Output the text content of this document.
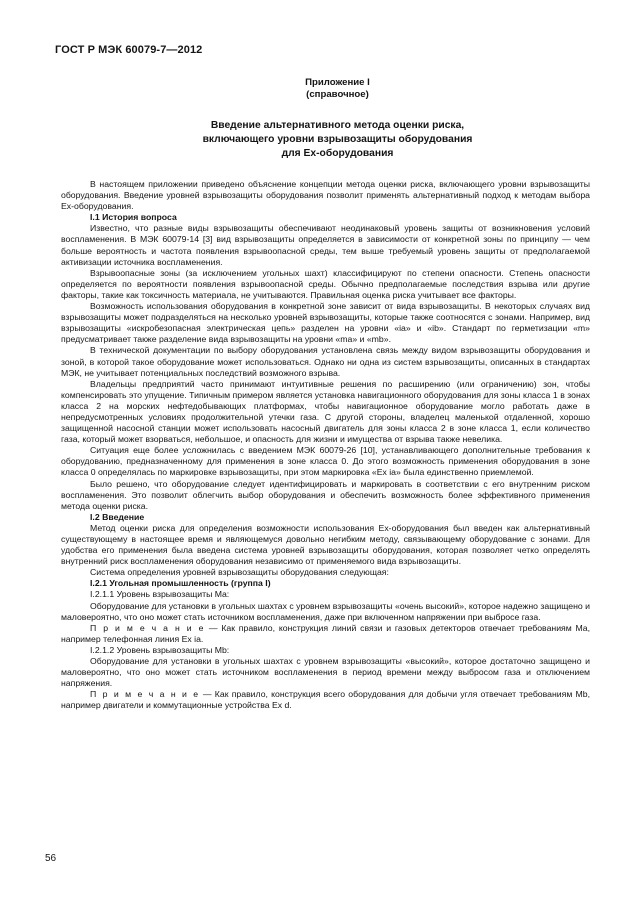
ГОСТ Р МЭК 60079-7—2012
Приложение I
(справочное)
Введение альтернативного метода оценки риска,
включающего уровни взрывозащиты оборудования
для Ex-оборудования

В настоящем приложении приведено объяснение концепции метода оценки риска, включающего уровни взрывозащиты оборудования. Введение уровней взрывозащиты оборудования позволит применять альтернативный подход к методам выбора Ex-оборудования.

I.1 История вопроса

Известно, что разные виды взрывозащиты обеспечивают неодинаковый уровень защиты от возникновения условий воспламенения. В МЭК 60079-14 [3] вид взрывозащиты определяется в зависимости от конкретной зоны по принципу — чем больше вероятность и частота появления взрывоопасной среды, тем выше требуемый уровень защиты от предполагаемой активизации источника воспламенения.

Взрывоопасные зоны (за исключением угольных шахт) классифицируют по степени опасности. Степень опасности определяется по вероятности появления взрывоопасной среды. Обычно предполагаемые последствия взрыва или другие факторы, такие как токсичность материала, не учитываются. Правильная оценка риска учитывает все факторы.

Возможность использования оборудования в конкретной зоне зависит от вида взрывозащиты. В некоторых случаях вид взрывозащиты может подразделяться на несколько уровней взрывозащиты, которые также соотносятся с зонами. Например, вид взрывозащиты «искробезопасная электрическая цепь» разделен на уровни «ia» и «ib». Стандарт по герметизации «m» предусматривает также разделение вида взрывозащиты на уровни «ma» и «mb».

В технической документации по выбору оборудования установлена связь между видом взрывозащиты оборудования и зоной, в которой такое оборудование может использоваться. Однако ни одна из систем взрывозащиты, описанных в стандартах МЭК, не учитывает потенциальных последствий возможного взрыва.

Владельцы предприятий часто принимают интуитивные решения по расширению (или ограничению) зон, чтобы компенсировать это упущение. Типичным примером является установка навигационного оборудования для зоны класса 1 в зонах класса 2 на морских нефтедобывающих платформах, чтобы навигационное оборудование могло работать даже в непредусмотренных условиях продолжительной утечки газа. С другой стороны, владелец маленькой отдаленной, хорошо защищенной насосной станции может использовать насосный двигатель для зоны класса 2 в зоне класса 1, если количество газа, который может взорваться, небольшое, и опасность для жизни и имущества от взрыва также невелика.

Ситуация еще более усложнилась с введением МЭК 60079-26 [10], устанавливающего дополнительные требования к оборудованию, предназначенному для применения в зоне класса 0. До этого возможность применения оборудования в зоне класса 0 определялась по маркировке взрывозащиты, при этом маркировка «Ex ia» была единственно приемлемой.

Было решено, что оборудование следует идентифицировать и маркировать в соответствии с его внутренним риском воспламенения. Это позволит облегчить выбор оборудования и обеспечить возможность более эффективного применения метода оценки риска.

I.2 Введение

Метод оценки риска для определения возможности использования Ex-оборудования был введен как альтернативный существующему в настоящее время и являющемуся довольно негибким методу, связывающему оборудование с зонами. Для удобства его применения была введена система уровней взрывозащиты оборудования, которая позволяет четко определять внутренний риск воспламенения оборудования независимо от применяемого вида взрывозащиты.

Система определения уровней взрывозащиты оборудования следующая:

I.2.1 Угольная промышленность (группа I)

I.2.1.1 Уровень взрывозащиты Ma:

Оборудование для установки в угольных шахтах с уровнем взрывозащиты «очень высокий», которое надежно защищено и маловероятно, что оно может стать источником воспламенения, даже при включенном напряжении при выбросе газа.

П р и м е ч а н и е — Как правило, конструкция линий связи и газовых детекторов отвечает требованиям Ma, например телефонная линия Ex ia.

I.2.1.2 Уровень взрывозащиты Mb:

Оборудование для установки в угольных шахтах с уровнем взрывозащиты «высокий», которое достаточно защищено и маловероятно, что оно может стать источником воспламенения в период времени между выбросом газа и отключением напряжения.

П р и м е ч а н и е — Как правило, конструкция всего оборудования для добычи угля отвечает требованиям Mb, например двигатели и коммутационные устройства Ex d.

56
